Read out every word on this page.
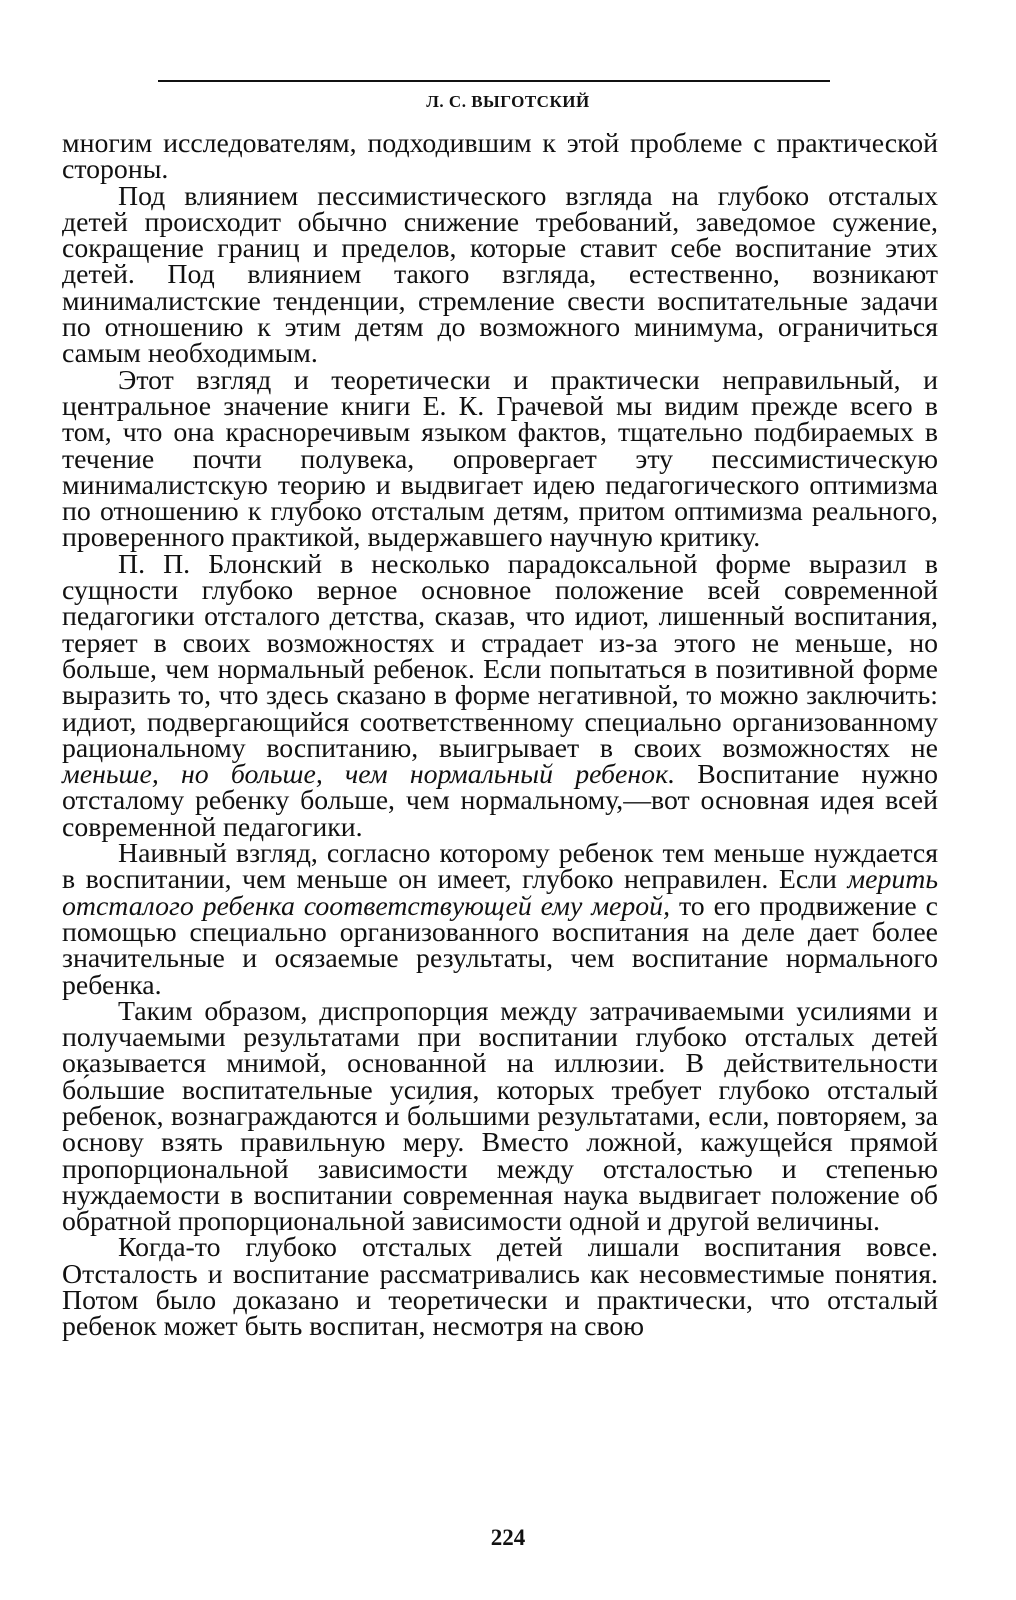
Л. С. ВЫГОТСКИЙ

многим исследователям, подходившим к этой проблеме с практической стороны.

Под влиянием пессимистического взгляда на глубоко отсталых детей происходит обычно снижение требований, заведомое сужение, сокращение границ и пределов, которые ставит себе воспитание этих детей. Под влиянием такого взгляда, естественно, возникают минималистские тенденции, стремление свести воспитательные задачи по отношению к этим детям до возможного минимума, ограничиться самым необходимым.

Этот взгляд и теоретически и практически неправильный, и центральное значение книги Е. К. Грачевой мы видим прежде всего в том, что она красноречивым языком фактов, тщательно подбираемых в течение почти полувека, опровергает эту пессимистическую минималистскую теорию и выдвигает идею педагогического оптимизма по отношению к глубоко отсталым детям, притом оптимизма реального, проверенного практикой, выдержавшего научную критику.

П. П. Блонский в несколько парадоксальной форме выразил в сущности глубоко верное основное положение всей современной педагогики отсталого детства, сказав, что идиот, лишенный воспитания, теряет в своих возможностях и страдает из-за этого не меньше, но больше, чем нормальный ребенок. Если попытаться в позитивной форме выразить то, что здесь сказано в форме негативной, то можно заключить: идиот, подвергающийся соответственному специально организованному рациональному воспитанию, выигрывает в своих возможностях не меньше, но больше, чем нормальный ребенок. Воспитание нужно отсталому ребенку больше, чем нормальному,—вот основная идея всей современной педагогики.

Наивный взгляд, согласно которому ребенок тем меньше нуждается в воспитании, чем меньше он имеет, глубоко неправилен. Если мерить отсталого ребенка соответствующей ему мерой, то его продвижение с помощью специально организованного воспитания на деле дает более значительные и осязаемые результаты, чем воспитание нормального ребенка.

Таким образом, диспропорция между затрачиваемыми усилиями и получаемыми результатами при воспитании глубоко отсталых детей оказывается мнимой, основанной на иллюзии. В действительности бо́льшие воспитательные усилия, которых требует глубоко отсталый ребенок, вознаграждаются и бо́льшими результатами, если, повторяем, за основу взять правильную меру. Вместо ложной, кажущейся прямой пропорциональной зависимости между отсталостью и степенью нуждаемости в воспитании современная наука выдвигает положение об обратной пропорциональной зависимости одной и другой величины.

Когда-то глубоко отсталых детей лишали воспитания вовсе. Отсталость и воспитание рассматривались как несовместимые понятия. Потом было доказано и теоретически и практически, что отсталый ребенок может быть воспитан, несмотря на свою

224
